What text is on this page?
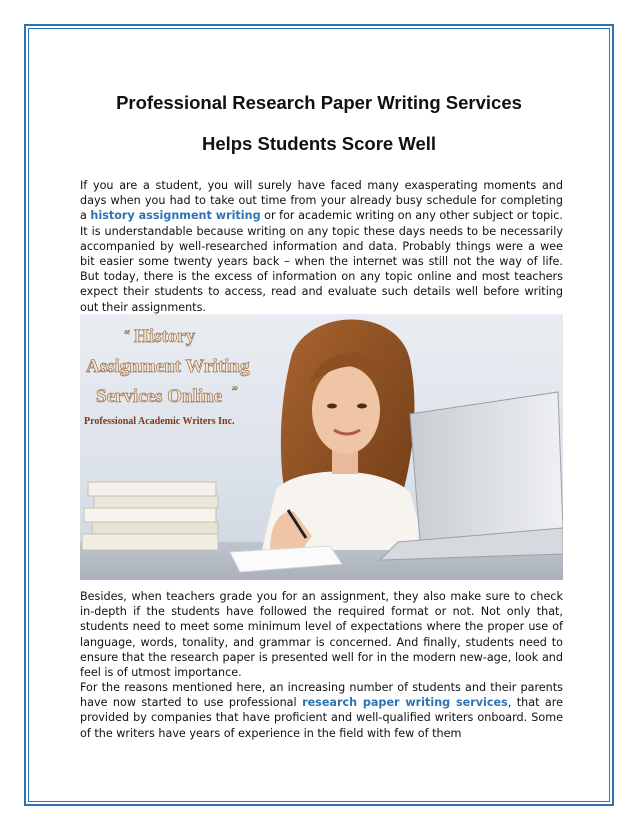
Professional Research Paper Writing Services
Helps Students Score Well

If you are a student, you will surely have faced many exasperating moments and days when you had to take out time from your already busy schedule for completing a history assignment writing or for academic writing on any other subject or topic. It is understandable because writing on any topic these days needs to be necessarily accompanied by well-researched information and data. Probably things were a wee bit easier some twenty years back – when the internet was still not the way of life. But today, there is the excess of information on any topic online and most teachers expect their students to access, read and evaluate such details well before writing out their assignments.

“ History
Assignment Writing
Services Online ”
Professional Academic Writers Inc.

Besides, when teachers grade you for an assignment, they also make sure to check in-depth if the students have followed the required format or not. Not only that, students need to meet some minimum level of expectations where the proper use of language, words, tonality, and grammar is concerned. And finally, students need to ensure that the research paper is presented well for in the modern new-age, look and feel is of utmost importance.

For the reasons mentioned here, an increasing number of students and their parents have now started to use professional research paper writing services, that are provided by companies that have proficient and well-qualified writers onboard. Some of the writers have years of experience in the field with few of them
